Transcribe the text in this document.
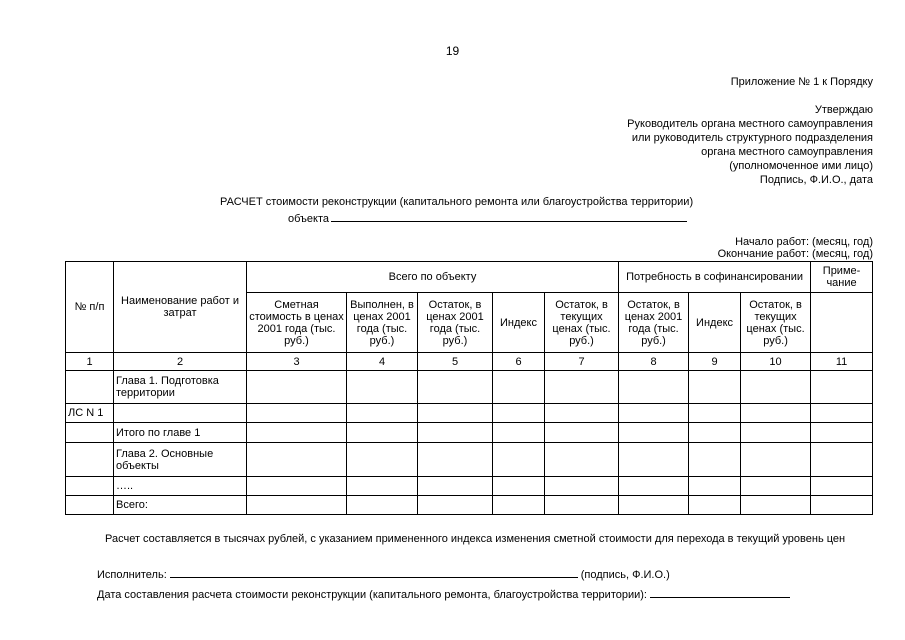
19
Приложение № 1 к Порядку
Утверждаю
Руководитель органа местного самоуправления
или руководитель структурного подразделения
органа местного самоуправления
(уполномоченное ими лицо)
Подпись, Ф.И.О., дата
РАСЧЕТ стоимости реконструкции (капитального ремонта или благоустройства территории)
объекта
Начало работ: (месяц, год)
Окончание работ: (месяц, год)
№ п/п	Наименование работ и затрат	Всего по объекту					Потребность в софинансировании			Приме-чание
		Сметная стоимость в ценах 2001 года (тыс. руб.)	Выполнен, в ценах 2001 года (тыс. руб.)	Остаток, в ценах 2001 года (тыс. руб.)	Индекс	Остаток, в текущих ценах (тыс. руб.)	Остаток, в ценах 2001 года (тыс. руб.)	Индекс	Остаток, в текущих ценах (тыс. руб.)	
1	2	3	4	5	6	7	8	9	10	11
	Глава 1. Подготовка территории									
ЛС N 1										
	Итого по главе 1									
	Глава 2. Основные объекты									
	…..									
	Всего:									
Расчет составляется в тысячах рублей, с указанием примененного индекса изменения сметной стоимости для перехода в текущий уровень цен
Исполнитель:	(подпись, Ф.И.О.)
Дата составления расчета стоимости реконструкции (капитального ремонта, благоустройства территории):
